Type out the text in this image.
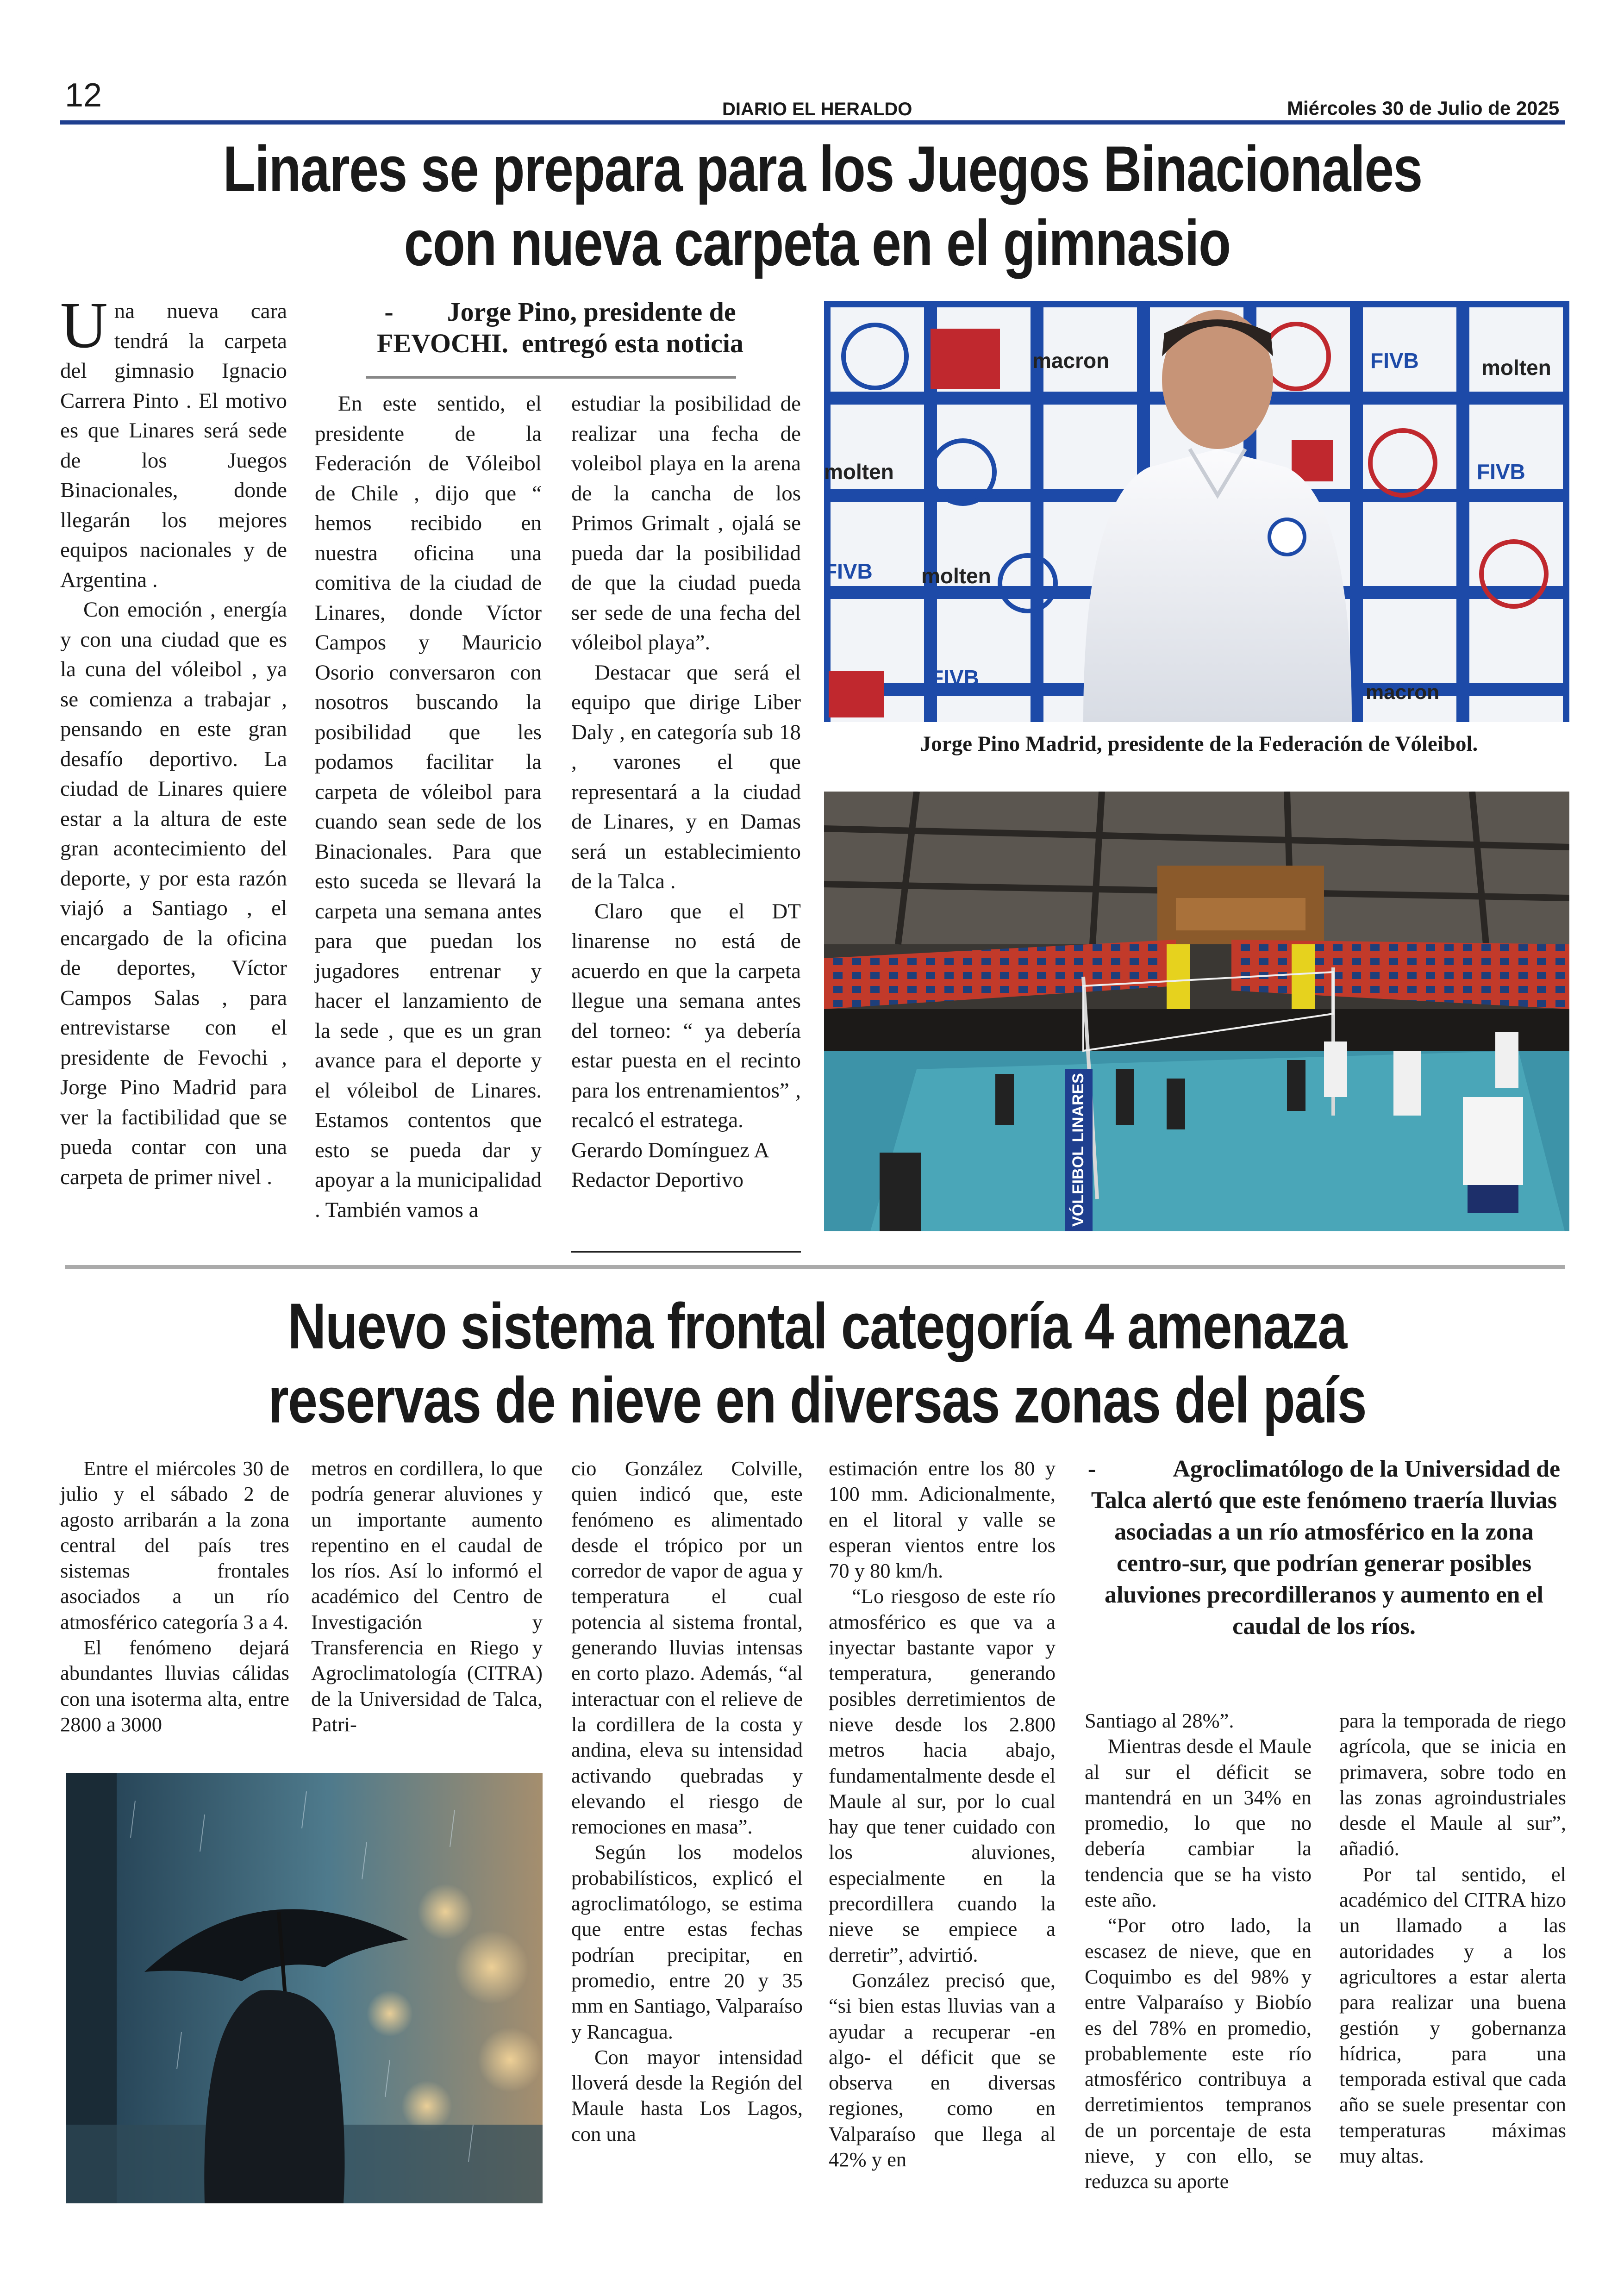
12	DIARIO EL HERALDO	Miércoles 30 de Julio de 2025
Linares se prepara para los Juegos Binacionales
con nueva carpeta en el gimnasio

Una nueva cara tendrá la carpeta del gimnasio Ignacio Carrera Pinto . El motivo es que Linares será sede de los Juegos Binacionales, donde llegarán los mejores equipos nacionales y de Argentina .

Con emoción , energía y con una ciudad que es la cuna del vóleibol , ya se comienza a trabajar , pensando en este gran desafío deportivo. La ciudad de Linares quiere estar a la altura de este gran acontecimiento del deporte, y por esta razón viajó a Santiago , el encargado de la oficina de deportes, Víctor Campos Salas , para entrevistarse con el presidente de Fevochi , Jorge Pino Madrid para ver la factibilidad que se pueda contar con una carpeta de primer nivel .

-        Jorge Pino, presidente de
FEVOCHI.  entregó esta noticia

En este sentido, el presidente de la Federación de Vóleibol de Chile , dijo que “ hemos recibido en nuestra oficina una comitiva de la ciudad de Linares, donde Víctor Campos y Mauricio Osorio conversaron con nosotros buscando la posibilidad que les podamos facilitar la carpeta de vóleibol para cuando sean sede de los Binacionales. Para que esto suceda se llevará la carpeta una semana antes para que puedan los jugadores entrenar y hacer el lanzamiento de la sede , que es un gran avance para el deporte y el vóleibol de Linares. Estamos contentos que esto se pueda dar y apoyar a la municipalidad . También vamos a

estudiar la posibilidad de realizar una fecha de voleibol playa en la arena de la cancha de los Primos Grimalt , ojalá se pueda dar la posibilidad de que la ciudad pueda ser sede de una fecha del vóleibol playa”.

Destacar que será el equipo que dirige Liber Daly , en categoría sub 18 , varones el que representará a la ciudad de Linares, y en Damas será un establecimiento de la Talca .

Claro que el DT linarense no está de acuerdo en que la carpeta llegue una semana antes del torneo: “ ya debería estar puesta en el recinto para los entrenamientos” , recalcó el estratega.

Gerardo Domínguez A
Redactor Deportivo
macron	FIVB	molten
molten	FIVB
FIVB molten
FIVB
macron
Jorge Pino Madrid, presidente de la Federación de Vóleibol.
VÓLEIBOL LINARES
Nuevo sistema frontal categoría 4 amenaza
reservas de nieve en diversas zonas del país

Entre el miércoles 30 de julio y el sábado 2 de agosto arribarán a la zona central del país tres sistemas frontales asociados a un río atmosférico categoría 3 a 4.

El fenómeno dejará abundantes lluvias cálidas con una isoterma alta, entre 2800 a 3000

metros en cordillera, lo que podría generar aluviones y un importante aumento repentino en el caudal de los ríos. Así lo informó el académico del Centro de Investigación y Transferencia en Riego y Agroclimatología (CITRA) de la Universidad de Talca, Patri-

cio González Colville, quien indicó que, este fenómeno es alimentado desde el trópico por un corredor de vapor de agua y temperatura el cual potencia al sistema frontal, generando lluvias intensas en corto plazo. Además, “al interactuar con el relieve de la cordillera de la costa y andina, eleva su intensidad activando quebradas y elevando el riesgo de remociones en masa”.

Según los modelos probabilísticos, explicó el agroclimatólogo, se estima que entre estas fechas podrían precipitar, en promedio, entre 20 y 35 mm en Santiago, Valparaíso y Rancagua.

Con mayor intensidad lloverá desde la Región del Maule hasta Los Lagos, con una

estimación entre los 80 y 100 mm. Adicionalmente, en el litoral y valle se esperan vientos entre los 70 y 80 km/h.

“Lo riesgoso de este río atmosférico es que va a inyectar bastante vapor y temperatura, generando posibles derretimientos de nieve desde los 2.800 metros hacia abajo, fundamentalmente desde el Maule al sur, por lo cual hay que tener cuidado con los aluviones, especialmente en la precordillera cuando la nieve se empiece a derretir”, advirtió.

González precisó que, “si bien estas lluvias van a ayudar a recuperar -en algo- el déficit que se observa en diversas regiones, como en Valparaíso que llega al 42% y en

-             Agroclimatólogo de la Universidad de Talca alertó que este fenómeno traería lluvias asociadas a un río atmosférico en la zona centro-sur, que podrían generar posibles aluviones precordilleranos y aumento en el caudal de los ríos.

Santiago al 28%”.

Mientras desde el Maule al sur el déficit se mantendrá en un 34% en promedio, lo que no debería cambiar la tendencia que se ha visto este año.

“Por otro lado, la escasez de nieve, que en Coquimbo es del 98% y entre Valparaíso y Biobío es del 78% en promedio, probablemente este río atmosférico contribuya a derretimientos tempranos de un porcentaje de esta nieve, y con ello, se reduzca su aporte

para la temporada de riego agrícola, que se inicia en primavera, sobre todo en las zonas agroindustriales desde el Maule al sur”, añadió.

Por tal sentido, el académico del CITRA hizo un llamado a las autoridades y a los agricultores a estar alerta para realizar una buena gestión y gobernanza hídrica, para una temporada estival que cada año se suele presentar con temperaturas máximas muy altas.
